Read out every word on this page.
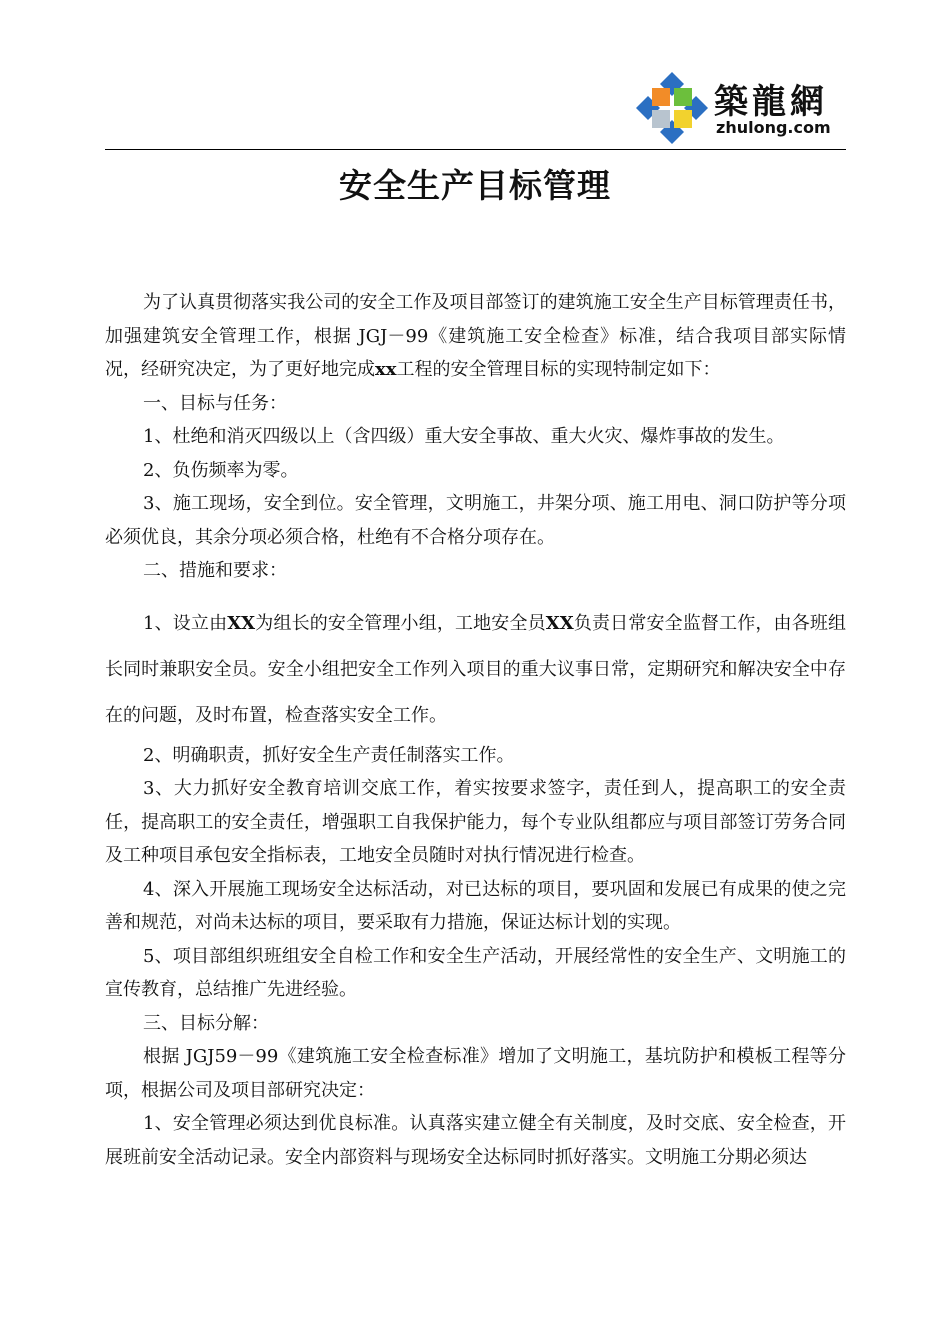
築龍網
zhulong.com
安全生产目标管理

为了认真贯彻落实我公司的安全工作及项目部签订的建筑施工安全生产目标管理责任书，加强建筑安全管理工作，根据 JGJ－99《建筑施工安全检查》标准，结合我项目部实际情况，经研究决定，为了更好地完成xx工程的安全管理目标的实现特制定如下：

一、目标与任务：

1、杜绝和消灭四级以上（含四级）重大安全事故、重大火灾、爆炸事故的发生。

2、负伤频率为零。

3、施工现场，安全到位。安全管理，文明施工，井架分项、施工用电、洞口防护等分项必须优良，其余分项必须合格，杜绝有不合格分项存在。

二、措施和要求：

1、设立由XX为组长的安全管理小组，工地安全员XX负责日常安全监督工作，由各班组长同时兼职安全员。安全小组把安全工作列入项目的重大议事日常，定期研究和解决安全中存在的问题，及时布置，检查落实安全工作。

2、明确职责，抓好安全生产责任制落实工作。

3、大力抓好安全教育培训交底工作，着实按要求签字，责任到人，提高职工的安全责任，提高职工的安全责任，增强职工自我保护能力，每个专业队组都应与项目部签订劳务合同及工种项目承包安全指标表，工地安全员随时对执行情况进行检查。

4、深入开展施工现场安全达标活动，对已达标的项目，要巩固和发展已有成果的使之完善和规范，对尚未达标的项目，要采取有力措施，保证达标计划的实现。

5、项目部组织班组安全自检工作和安全生产活动，开展经常性的安全生产、文明施工的宣传教育，总结推广先进经验。

三、目标分解：

根据 JGJ59－99《建筑施工安全检查标准》增加了文明施工，基坑防护和模板工程等分项，根据公司及项目部研究决定：

1、安全管理必须达到优良标准。认真落实建立健全有关制度，及时交底、安全检查，开展班前安全活动记录。安全内部资料与现场安全达标同时抓好落实。文明施工分期必须达
